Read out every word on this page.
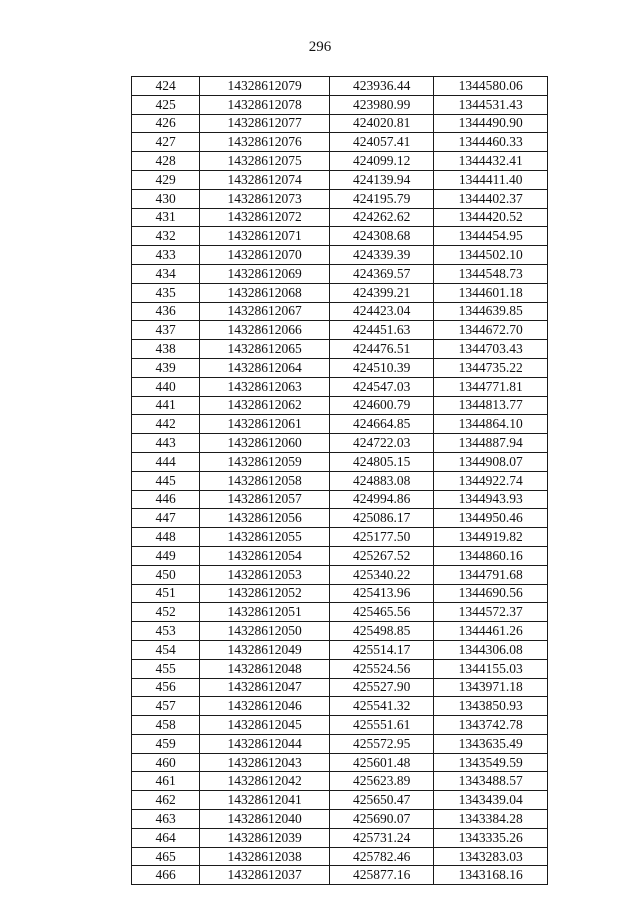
296
424	14328612079	423936.44	1344580.06
425	14328612078	423980.99	1344531.43
426	14328612077	424020.81	1344490.90
427	14328612076	424057.41	1344460.33
428	14328612075	424099.12	1344432.41
429	14328612074	424139.94	1344411.40
430	14328612073	424195.79	1344402.37
431	14328612072	424262.62	1344420.52
432	14328612071	424308.68	1344454.95
433	14328612070	424339.39	1344502.10
434	14328612069	424369.57	1344548.73
435	14328612068	424399.21	1344601.18
436	14328612067	424423.04	1344639.85
437	14328612066	424451.63	1344672.70
438	14328612065	424476.51	1344703.43
439	14328612064	424510.39	1344735.22
440	14328612063	424547.03	1344771.81
441	14328612062	424600.79	1344813.77
442	14328612061	424664.85	1344864.10
443	14328612060	424722.03	1344887.94
444	14328612059	424805.15	1344908.07
445	14328612058	424883.08	1344922.74
446	14328612057	424994.86	1344943.93
447	14328612056	425086.17	1344950.46
448	14328612055	425177.50	1344919.82
449	14328612054	425267.52	1344860.16
450	14328612053	425340.22	1344791.68
451	14328612052	425413.96	1344690.56
452	14328612051	425465.56	1344572.37
453	14328612050	425498.85	1344461.26
454	14328612049	425514.17	1344306.08
455	14328612048	425524.56	1344155.03
456	14328612047	425527.90	1343971.18
457	14328612046	425541.32	1343850.93
458	14328612045	425551.61	1343742.78
459	14328612044	425572.95	1343635.49
460	14328612043	425601.48	1343549.59
461	14328612042	425623.89	1343488.57
462	14328612041	425650.47	1343439.04
463	14328612040	425690.07	1343384.28
464	14328612039	425731.24	1343335.26
465	14328612038	425782.46	1343283.03
466	14328612037	425877.16	1343168.16
